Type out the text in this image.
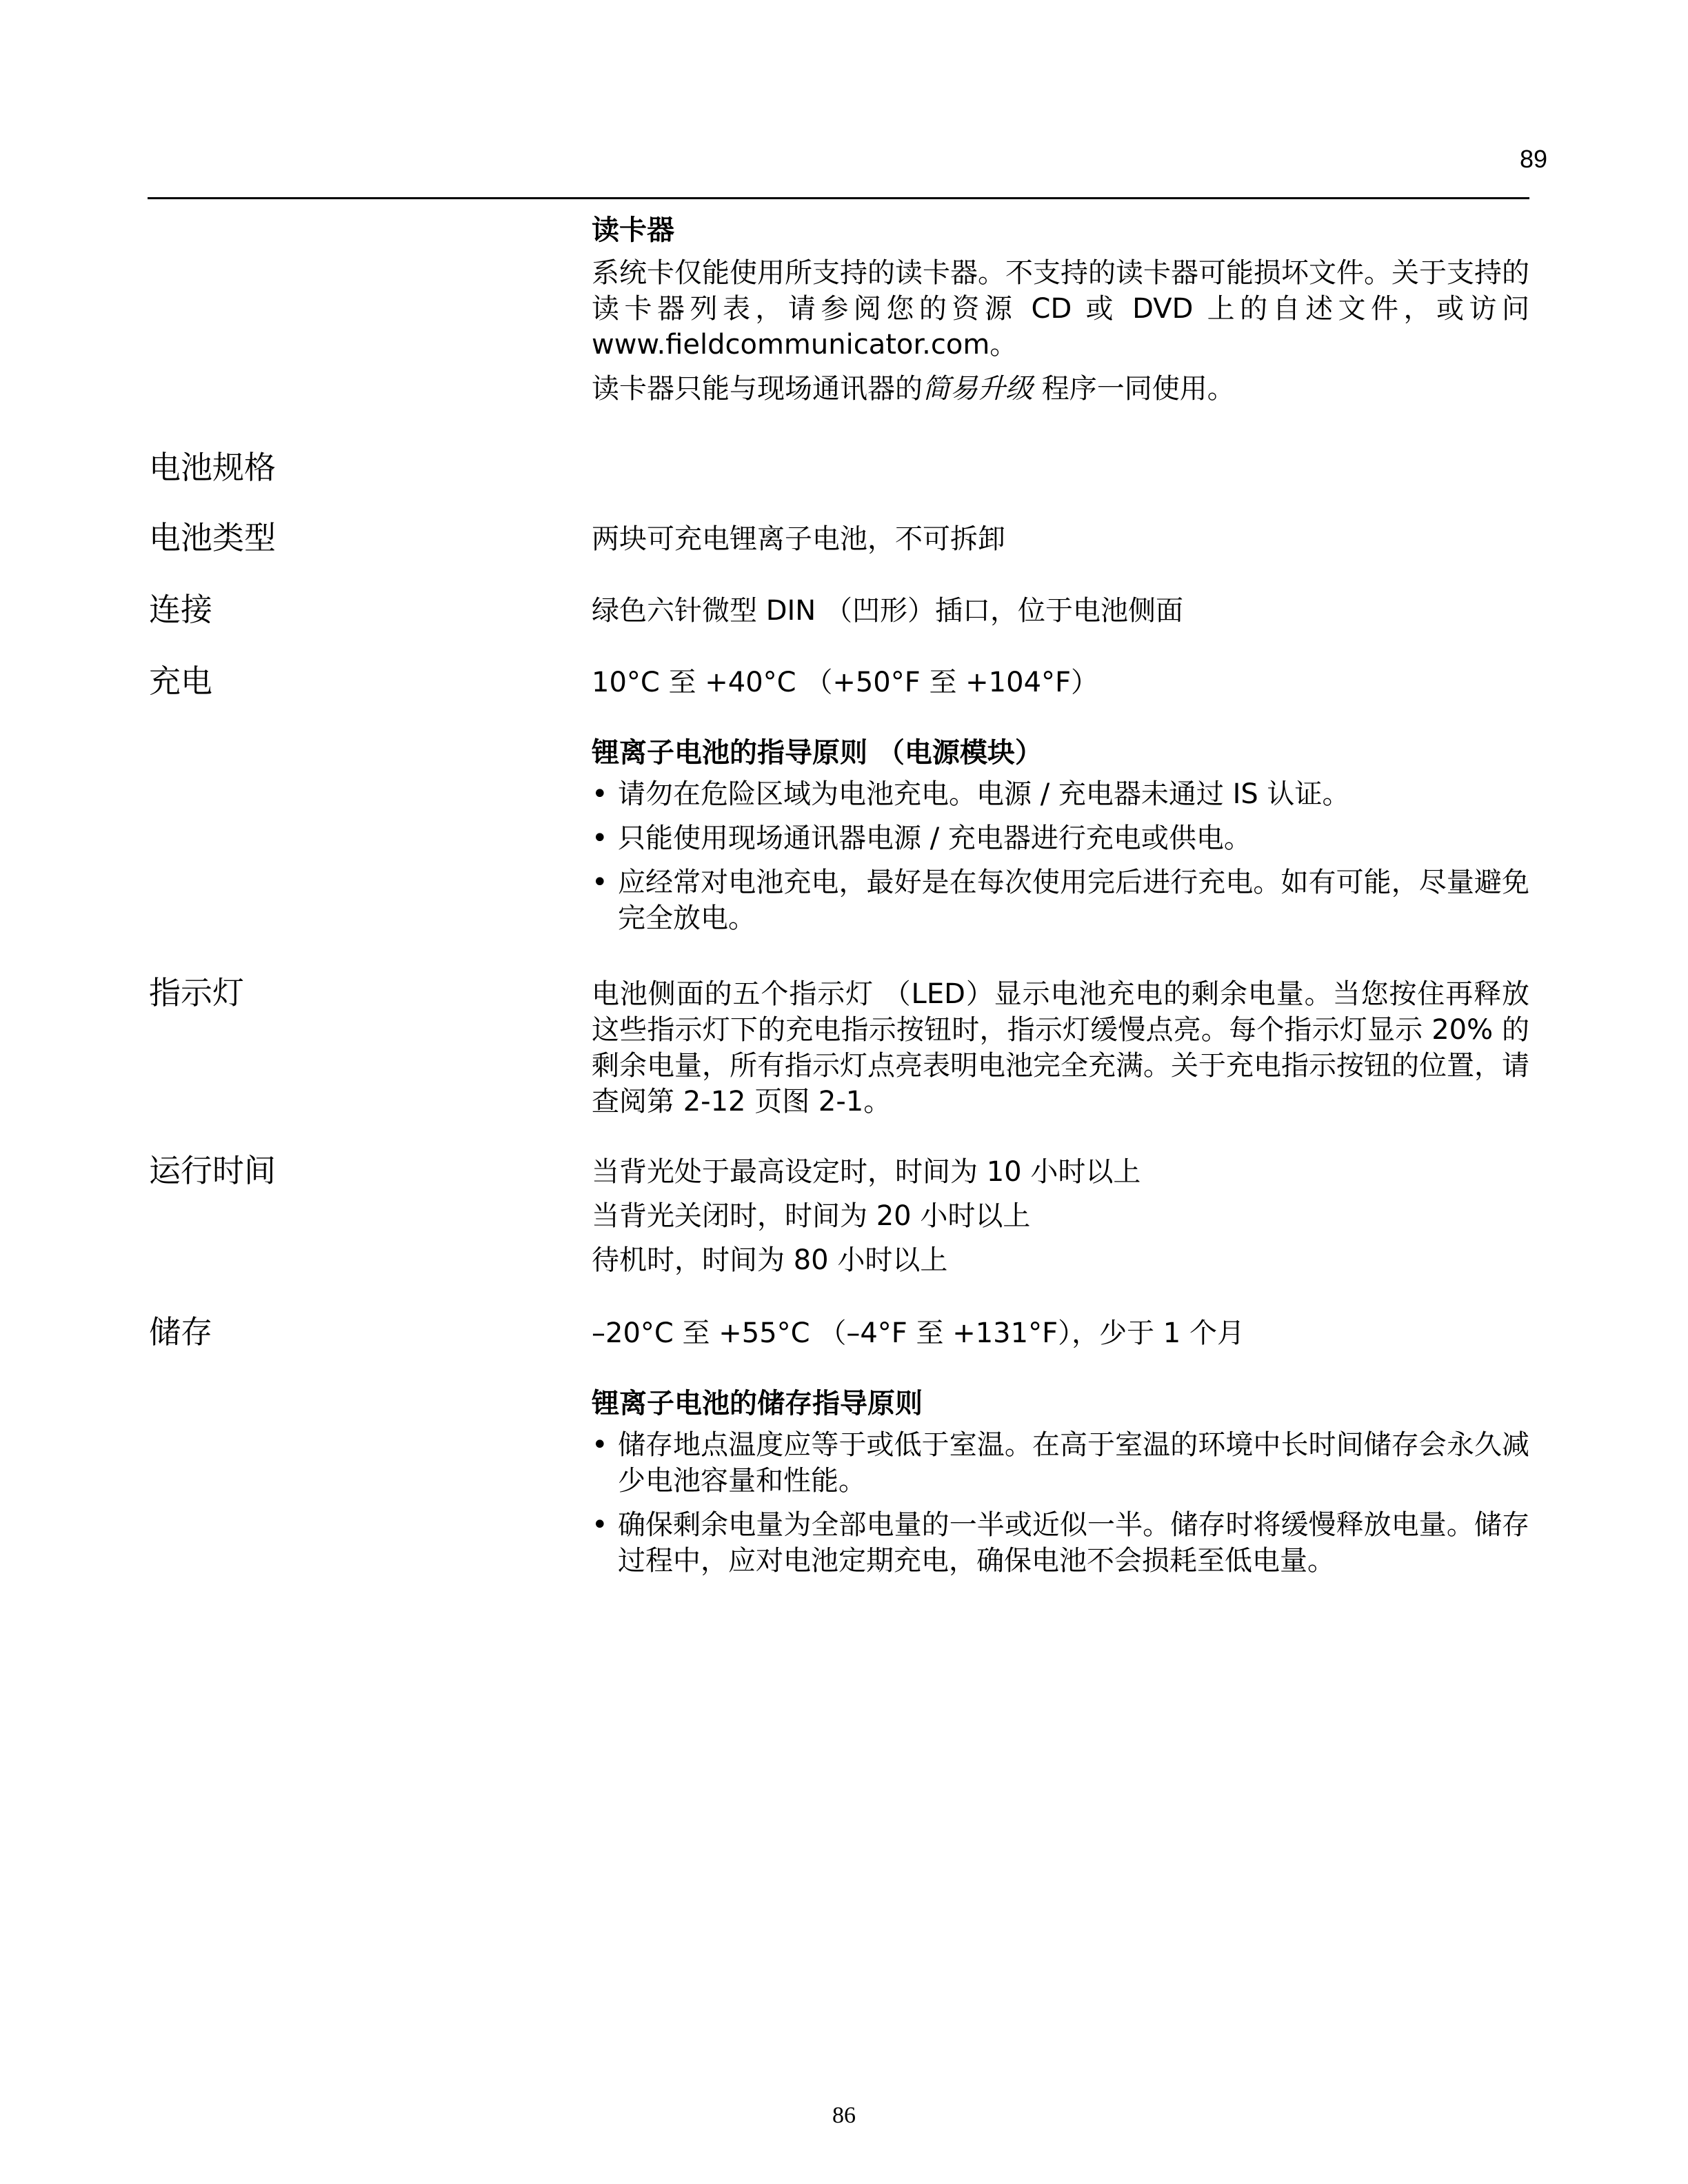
89
读卡器

系统卡仅能使用所支持的读卡器。不支持的读卡器可能损坏文件。关于支持的读卡器列表，请参阅您的资源 CD 或 DVD 上的自述文件，或访问 www.fieldcommunicator.com。

读卡器只能与现场通讯器的简易升级 程序一同使用。

电池规格
电池类型	两块可充电锂离子电池，不可拆卸
连接	绿色六针微型 DIN （凹形）插口，位于电池侧面
充电	10°C 至 +40°C （+50°F 至 +104°F）
锂离子电池的指导原则 （电源模块）
• 请勿在危险区域为电池充电。电源 / 充电器未通过 IS 认证。
• 只能使用现场通讯器电源 / 充电器进行充电或供电。
• 应经常对电池充电，最好是在每次使用完后进行充电。如有可能，尽量避免完全放电。
指示灯	电池侧面的五个指示灯 （LED）显示电池充电的剩余电量。当您按住再释放这些指示灯下的充电指示按钮时，指示灯缓慢点亮。每个指示灯显示 20% 的剩余电量，所有指示灯点亮表明电池完全充满。关于充电指示按钮的位置，请查阅第 2-12 页图 2-1。

运行时间	当背光处于最高设定时，时间为 10 小时以上
当背光关闭时，时间为 20 小时以上
待机时，时间为 80 小时以上
储存	–20°C 至 +55°C （–4°F 至 +131°F），少于 1 个月
锂离子电池的储存指导原则
• 储存地点温度应等于或低于室温。在高于室温的环境中长时间储存会永久减少电池容量和性能。
• 确保剩余电量为全部电量的一半或近似一半。储存时将缓慢释放电量。储存过程中，应对电池定期充电，确保电池不会损耗至低电量。
86
